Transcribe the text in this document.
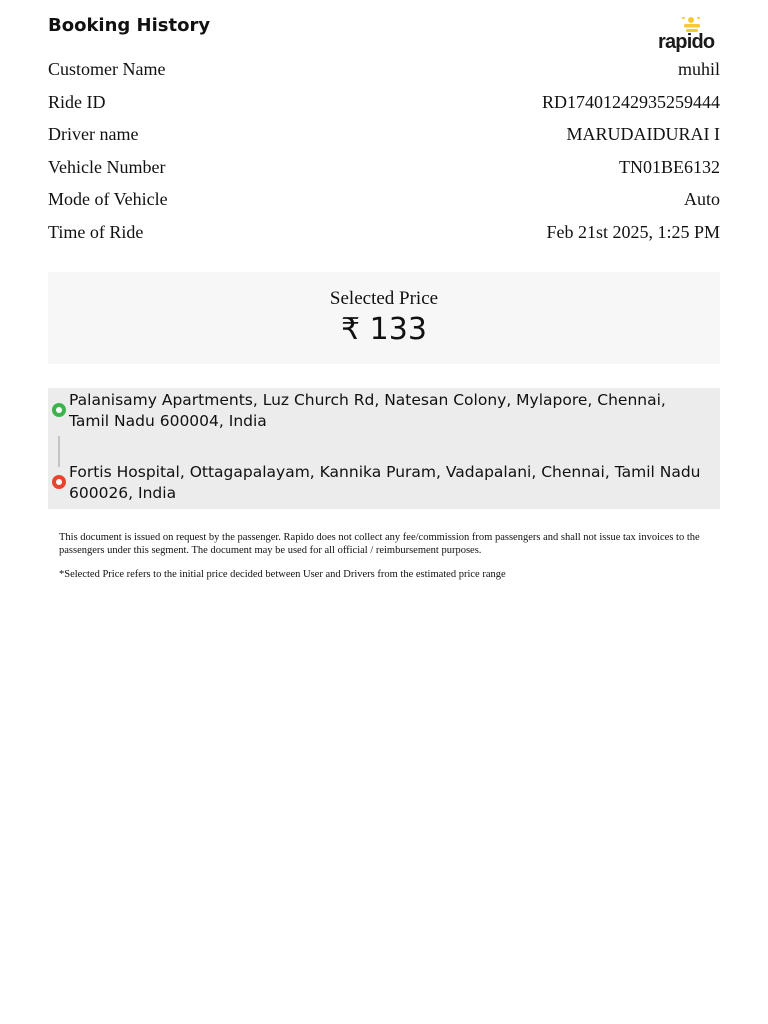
Booking History
rapido
Customer Name	muhil
Ride ID	RD17401242935259444
Driver name	MARUDAIDURAI I
Vehicle Number	TN01BE6132
Mode of Vehicle	Auto
Time of Ride	Feb 21st 2025, 1:25 PM
Selected Price
₹ 133
Palanisamy Apartments, Luz Church Rd, Natesan Colony, Mylapore, Chennai, Tamil Nadu 600004, India
Fortis Hospital, Ottagapalayam, Kannika Puram, Vadapalani, Chennai, Tamil Nadu 600026, India
This document is issued on request by the passenger. Rapido does not collect any fee/commission from passengers and shall not issue tax invoices to the passengers under this segment. The document may be used for all official / reimbursement purposes.
*Selected Price refers to the initial price decided between User and Drivers from the estimated price range
